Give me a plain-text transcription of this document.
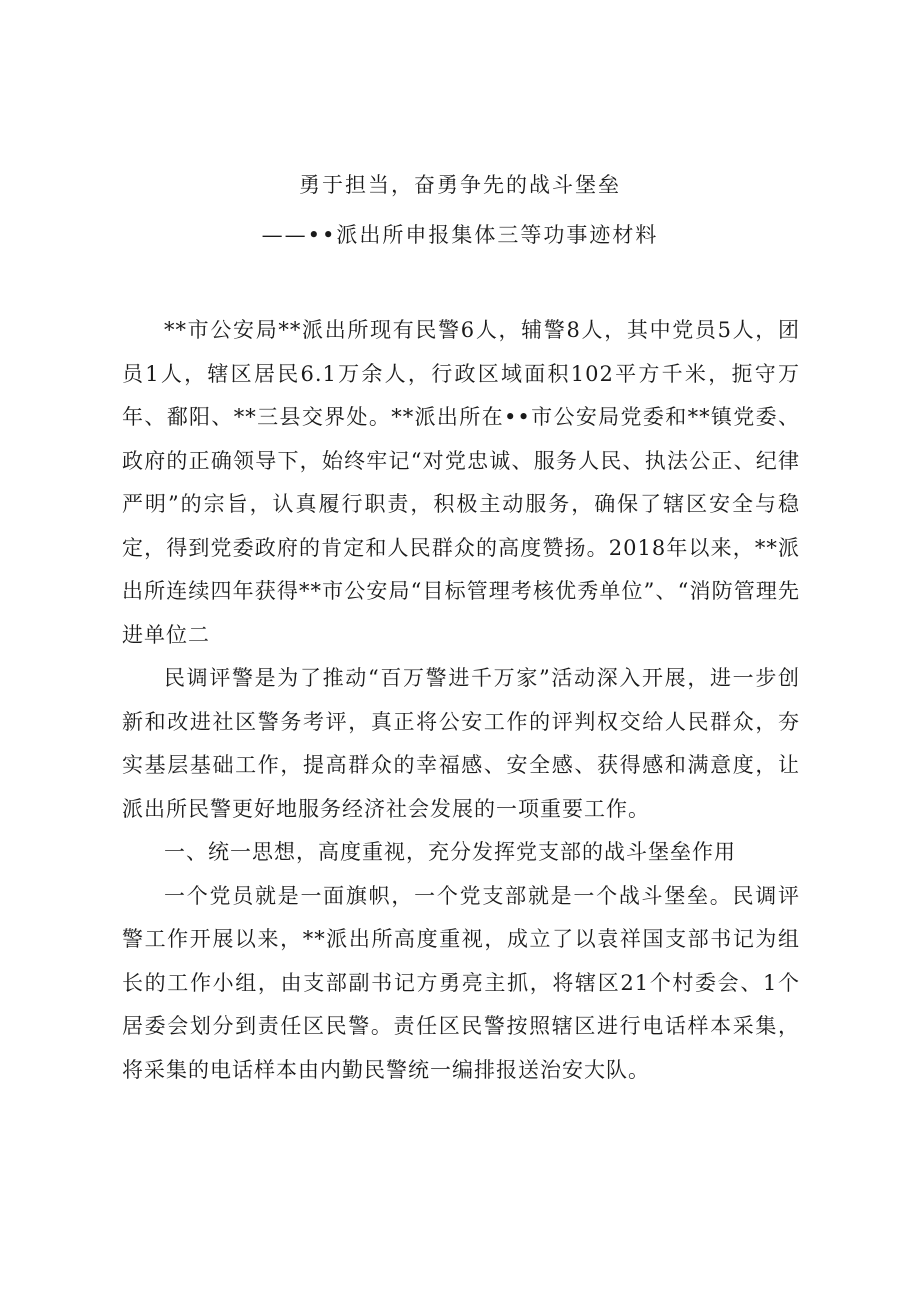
勇于担当，奋勇争先的战斗堡垒
——••派出所申报集体三等功事迹材料

**市公安局**派出所现有民警6人，辅警8人，其中党员5人，团员1人，辖区居民6.1万余人，行政区域面积102平方千米，扼守万年、鄱阳、**三县交界处。**派出所在••市公安局党委和**镇党委、政府的正确领导下，始终牢记“对党忠诚、服务人民、执法公正、纪律严明”的宗旨，认真履行职责，积极主动服务，确保了辖区安全与稳定，得到党委政府的肯定和人民群众的高度赞扬。2018年以来，**派出所连续四年获得**市公安局“目标管理考核优秀单位”、“消防管理先进单位二

民调评警是为了推动“百万警进千万家”活动深入开展，进一步创新和改进社区警务考评，真正将公安工作的评判权交给人民群众，夯实基层基础工作，提高群众的幸福感、安全感、获得感和满意度，让派出所民警更好地服务经济社会发展的一项重要工作。

一、统一思想，高度重视，充分发挥党支部的战斗堡垒作用

一个党员就是一面旗帜，一个党支部就是一个战斗堡垒。民调评警工作开展以来，**派出所高度重视，成立了以袁祥国支部书记为组长的工作小组，由支部副书记方勇亮主抓，将辖区21个村委会、1个居委会划分到责任区民警。责任区民警按照辖区进行电话样本采集，将采集的电话样本由内勤民警统一编排报送治安大队。
